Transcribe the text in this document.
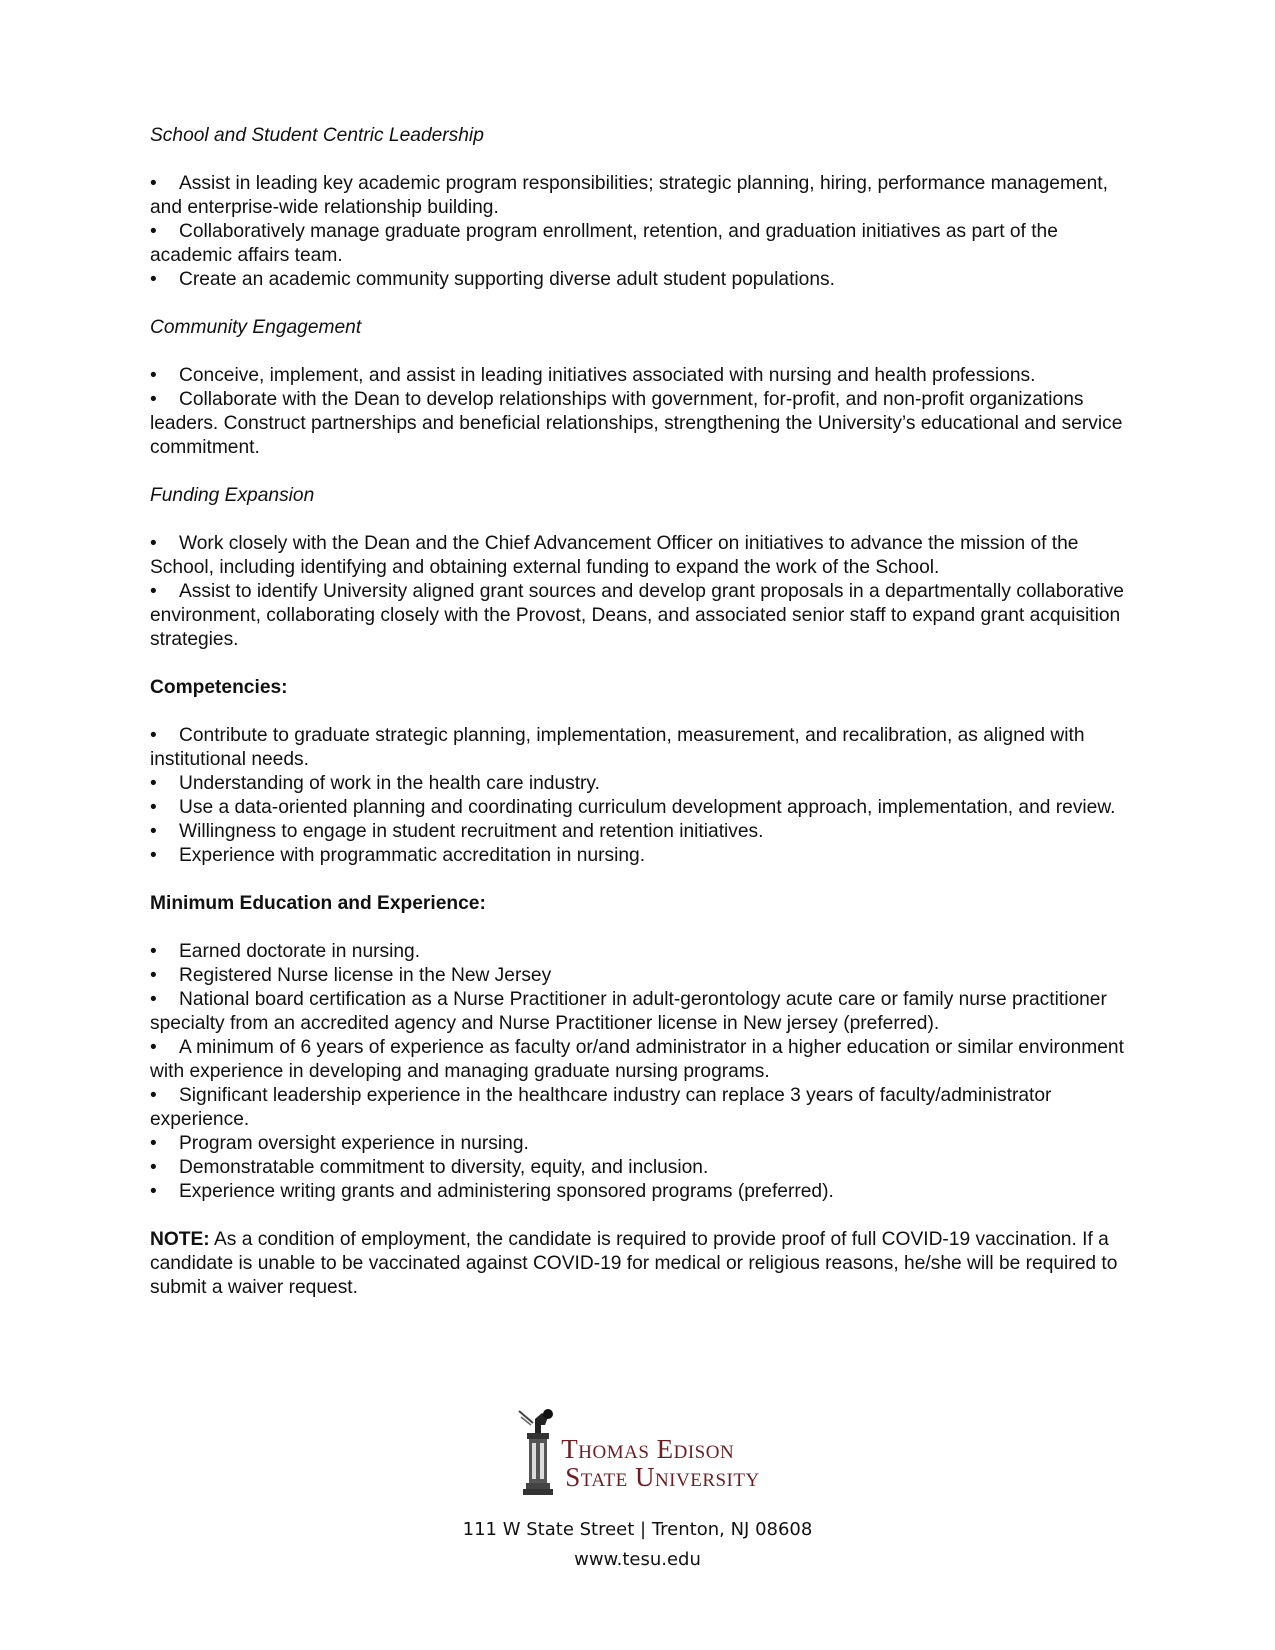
School and Student Centric Leadership

• Assist in leading key academic program responsibilities; strategic planning, hiring, performance management, and enterprise-wide relationship building.

• Collaboratively manage graduate program enrollment, retention, and graduation initiatives as part of the academic affairs team.

• Create an academic community supporting diverse adult student populations.

Community Engagement

• Conceive, implement, and assist in leading initiatives associated with nursing and health professions.

• Collaborate with the Dean to develop relationships with government, for-profit, and non-profit organizations leaders. Construct partnerships and beneficial relationships, strengthening the University’s educational and service commitment.

Funding Expansion

• Work closely with the Dean and the Chief Advancement Officer on initiatives to advance the mission of the School, including identifying and obtaining external funding to expand the work of the School.

• Assist to identify University aligned grant sources and develop grant proposals in a departmentally collaborative environment, collaborating closely with the Provost, Deans, and associated senior staff to expand grant acquisition strategies.

Competencies:

• Contribute to graduate strategic planning, implementation, measurement, and recalibration, as aligned with institutional needs.

• Understanding of work in the health care industry.

• Use a data-oriented planning and coordinating curriculum development approach, implementation, and review.

• Willingness to engage in student recruitment and retention initiatives.

• Experience with programmatic accreditation in nursing.

Minimum Education and Experience:

• Earned doctorate in nursing.

• Registered Nurse license in the New Jersey

• National board certification as a Nurse Practitioner in adult-gerontology acute care or family nurse practitioner specialty from an accredited agency and Nurse Practitioner license in New jersey (preferred).

• A minimum of 6 years of experience as faculty or/and administrator in a higher education or similar environment with experience in developing and managing graduate nursing programs.

• Significant leadership experience in the healthcare industry can replace 3 years of faculty/administrator experience.

• Program oversight experience in nursing.

• Demonstratable commitment to diversity, equity, and inclusion.

• Experience writing grants and administering sponsored programs (preferred).

NOTE: As a condition of employment, the candidate is required to provide proof of full COVID-19 vaccination. If a candidate is unable to be vaccinated against COVID-19 for medical or religious reasons, he/she will be required to submit a waiver request.

Thomas Edison
State University
111 W State Street | Trenton, NJ 08608
www.tesu.edu
